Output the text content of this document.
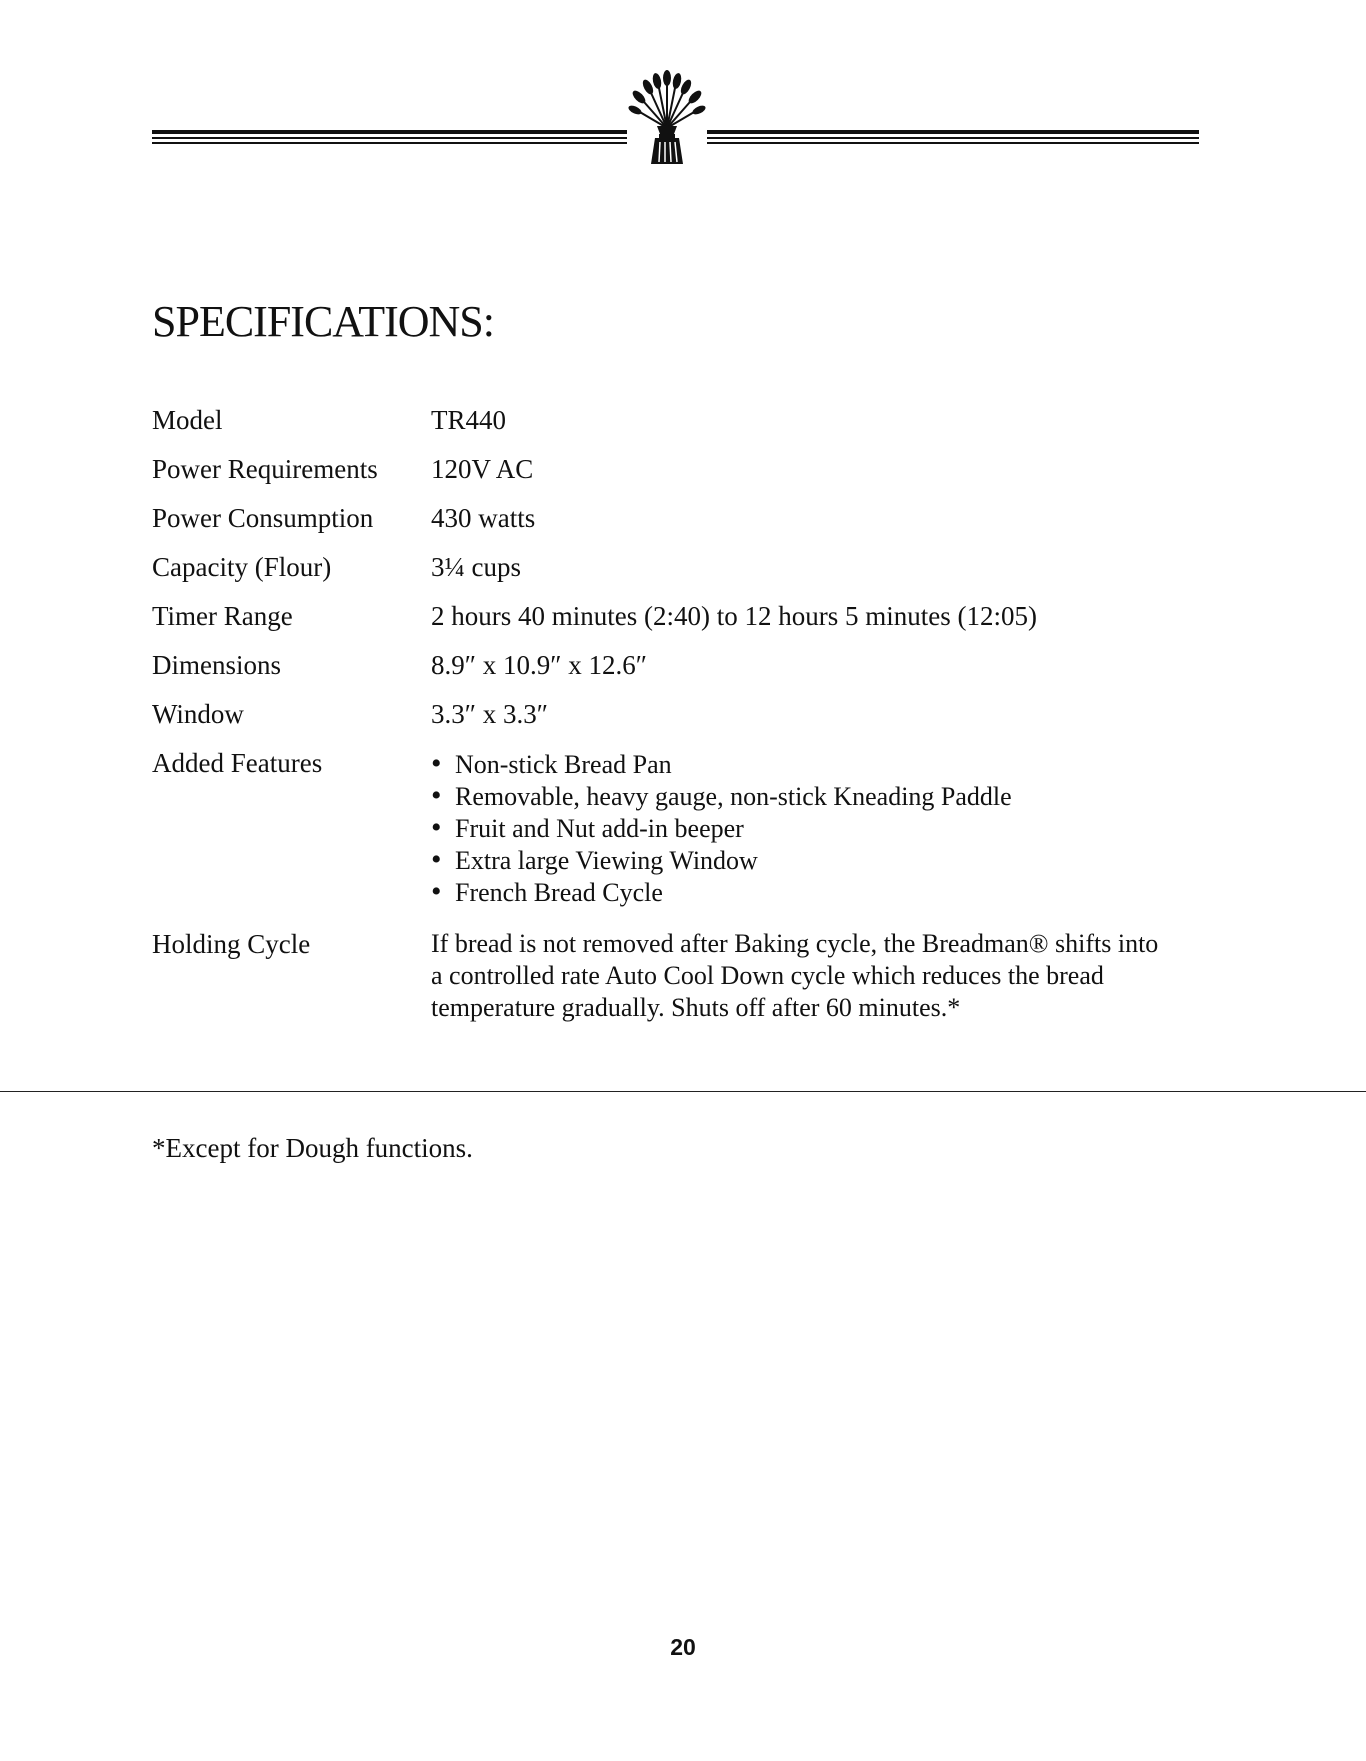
SPECIFICATIONS:
Model	TR440
Power Requirements	120V AC
Power Consumption	430 watts
Capacity (Flour)	3¼ cups
Timer Range	2 hours 40 minutes (2:40) to 12 hours 5 minutes (12:05)
Dimensions	8.9″ x 10.9″ x 12.6″
Window	3.3″ x 3.3″
Added Features
•	Non-stick Bread Pan
• Removable, heavy gauge, non-stick Kneading Paddle
• Fruit and Nut add-in beeper
• Extra large Viewing Window
• French Bread Cycle
Holding Cycle	If bread is not removed after Baking cycle, the Breadman® shifts into a controlled rate Auto Cool Down cycle which reduces the bread temperature gradually. Shuts off after 60 minutes.*
*Except for Dough functions.
20
